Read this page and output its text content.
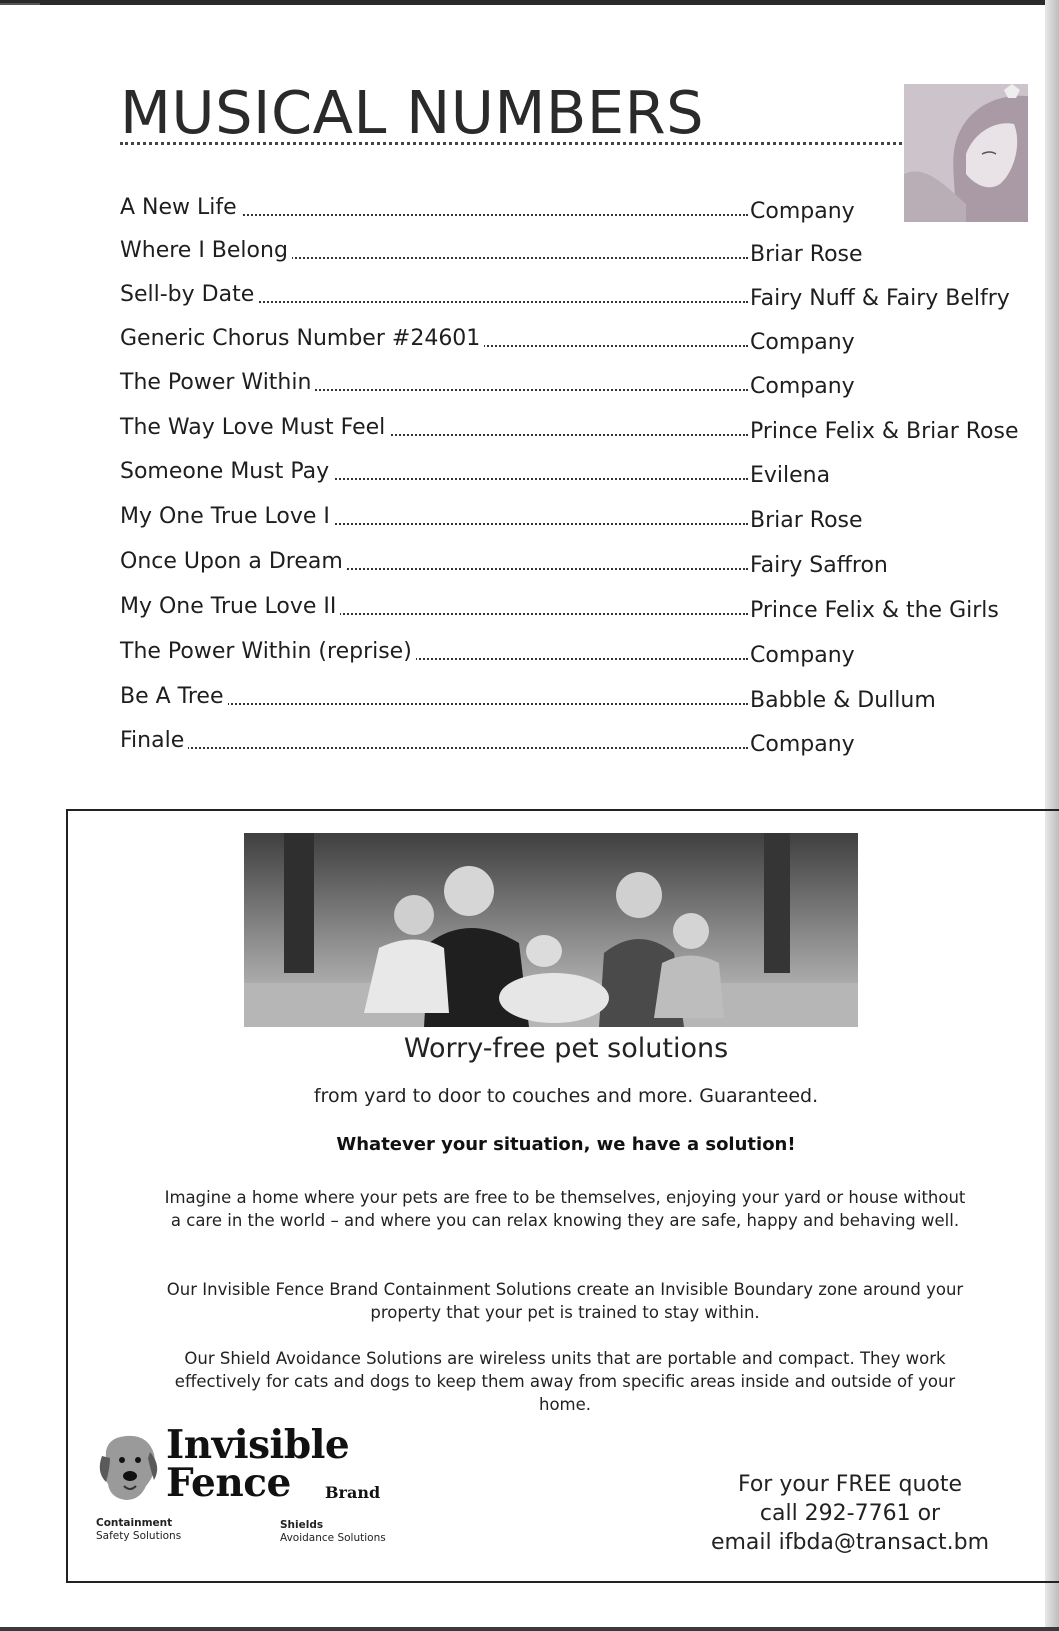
MUSICAL NUMBERS
A New Life	Company
Where I Belong	Briar Rose
Sell-by Date	Fairy Nuff & Fairy Belfry
Generic Chorus Number #24601	Company
The Power Within	Company
The Way Love Must Feel	Prince Felix & Briar Rose
Someone Must Pay	Evilena
My One True Love I	Briar Rose
Once Upon a Dream	Fairy Saffron
My One True Love II	Prince Felix & the Girls
The Power Within (reprise)	Company
Be A Tree	Babble & Dullum
Finale	Company
Worry-free pet solutions
from yard to door to couches and more. Guaranteed.
Whatever your situation, we have a solution!
Imagine a home where your pets are free to be themselves, enjoying your yard or house without a care in the world – and where you can relax knowing they are safe, happy and behaving well.
Our Invisible Fence Brand Containment Solutions create an Invisible Boundary zone around your property that your pet is trained to stay within.
Our Shield Avoidance Solutions are wireless units that are portable and compact. They work effectively for cats and dogs to keep them away from specific areas inside and outside of your home.
Invisible
Fence Brand
Containment
Safety Solutions
Shields
Avoidance Solutions
For your FREE quote
call 292-7761 or
email ifbda@transact.bm
